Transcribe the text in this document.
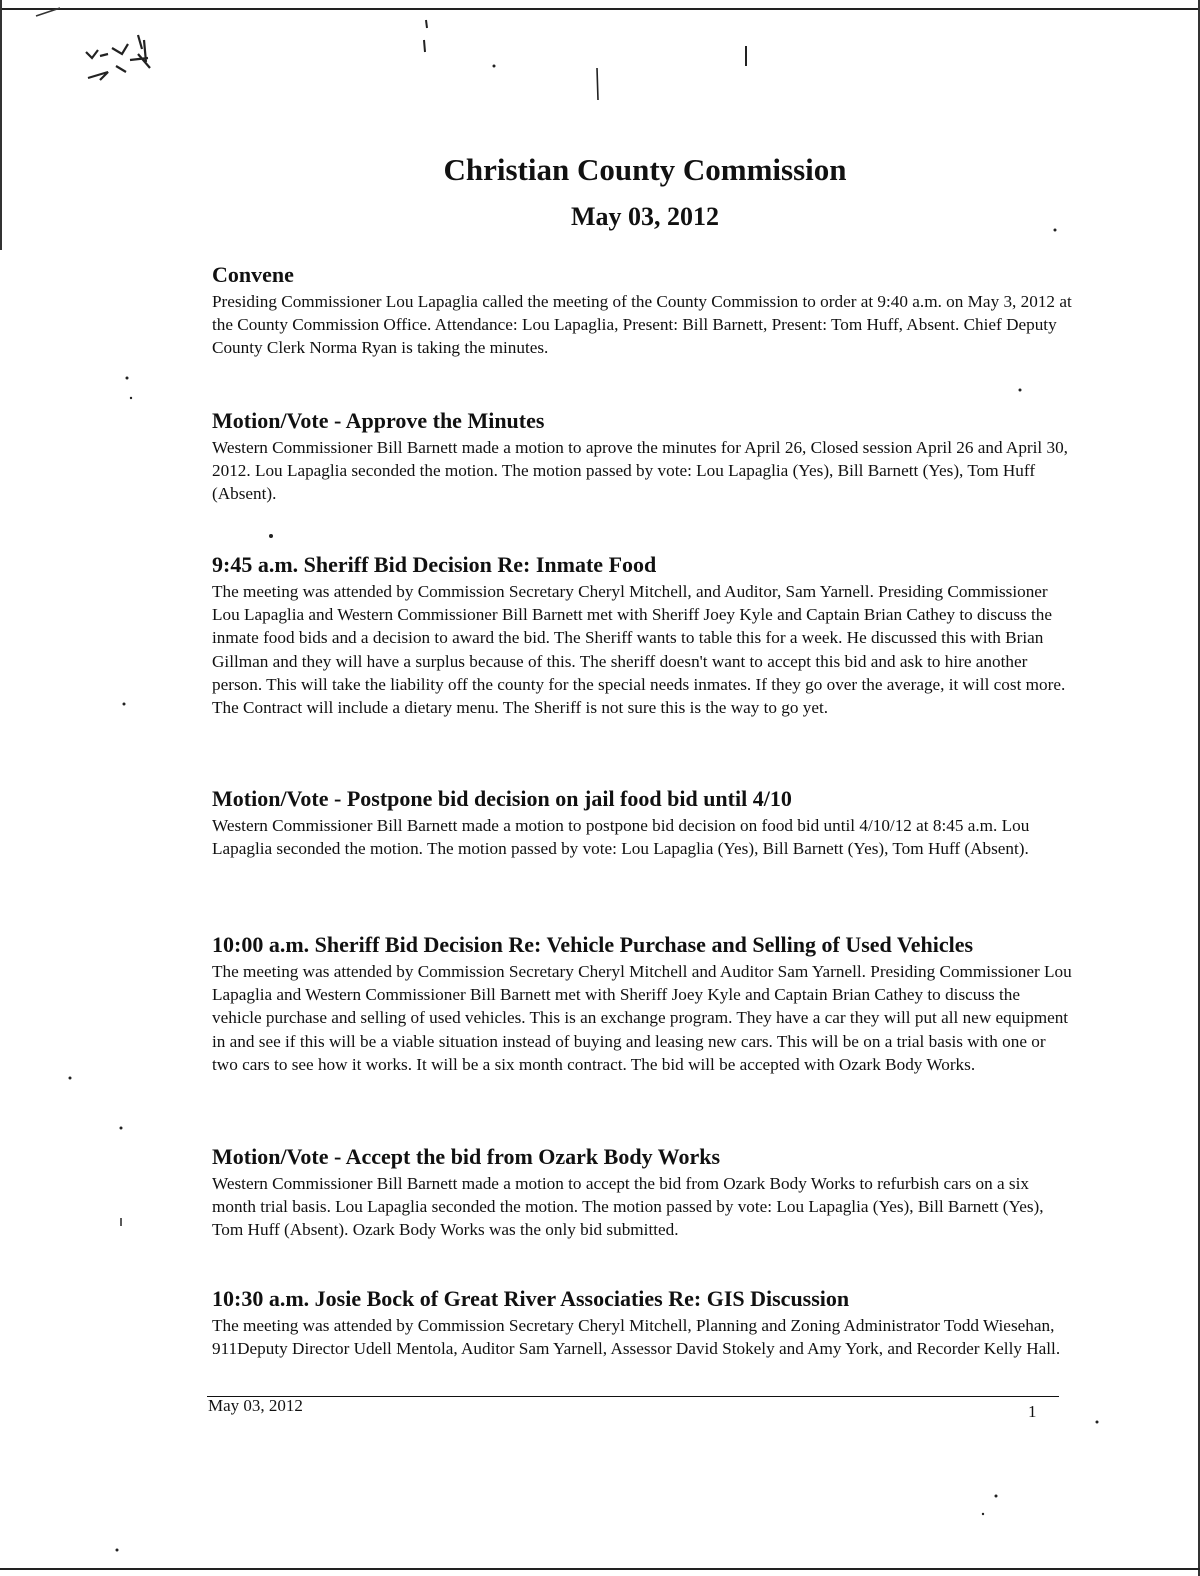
Christian County Commission
May 03, 2012
Convene

Presiding Commissioner Lou Lapaglia called the meeting of the County Commission to order at 9:40 a.m. on May 3, 2012 at the County Commission Office. Attendance: Lou Lapaglia, Present: Bill Barnett, Present: Tom Huff, Absent. Chief Deputy County Clerk Norma Ryan is taking the minutes.

Motion/Vote - Approve the Minutes

Western Commissioner Bill Barnett made a motion to aprove the minutes for April 26, Closed session April 26 and April 30, 2012. Lou Lapaglia seconded the motion. The motion passed by vote: Lou Lapaglia (Yes), Bill Barnett (Yes), Tom Huff (Absent).

9:45 a.m. Sheriff Bid Decision Re: Inmate Food

The meeting was attended by Commission Secretary Cheryl Mitchell, and Auditor, Sam Yarnell. Presiding Commissioner Lou Lapaglia and Western Commissioner Bill Barnett met with Sheriff Joey Kyle and Captain Brian Cathey to discuss the inmate food bids and a decision to award the bid. The Sheriff wants to table this for a week. He discussed this with Brian Gillman and they will have a surplus because of this. The sheriff doesn't want to accept this bid and ask to hire another person. This will take the liability off the county for the special needs inmates. If they go over the average, it will cost more. The Contract will include a dietary menu. The Sheriff is not sure this is the way to go yet.

Motion/Vote - Postpone bid decision on jail food bid until 4/10

Western Commissioner Bill Barnett made a motion to postpone bid decision on food bid until 4/10/12 at 8:45 a.m. Lou Lapaglia seconded the motion. The motion passed by vote: Lou Lapaglia (Yes), Bill Barnett (Yes), Tom Huff (Absent).

10:00 a.m. Sheriff Bid Decision Re: Vehicle Purchase and Selling of Used Vehicles

The meeting was attended by Commission Secretary Cheryl Mitchell and Auditor Sam Yarnell. Presiding Commissioner Lou Lapaglia and Western Commissioner Bill Barnett met with Sheriff Joey Kyle and Captain Brian Cathey to discuss the vehicle purchase and selling of used vehicles. This is an exchange program. They have a car they will put all new equipment in and see if this will be a viable situation instead of buying and leasing new cars. This will be on a trial basis with one or two cars to see how it works. It will be a six month contract. The bid will be accepted with Ozark Body Works.

Motion/Vote - Accept the bid from Ozark Body Works

Western Commissioner Bill Barnett made a motion to accept the bid from Ozark Body Works to refurbish cars on a six month trial basis. Lou Lapaglia seconded the motion. The motion passed by vote: Lou Lapaglia (Yes), Bill Barnett (Yes), Tom Huff (Absent). Ozark Body Works was the only bid submitted.

10:30 a.m. Josie Bock of Great River Associaties Re: GIS Discussion

The meeting was attended by Commission Secretary Cheryl Mitchell, Planning and Zoning Administrator Todd Wiesehan, 911Deputy Director Udell Mentola, Auditor Sam Yarnell, Assessor David Stokely and Amy York, and Recorder Kelly Hall.

May 03, 2012	1
